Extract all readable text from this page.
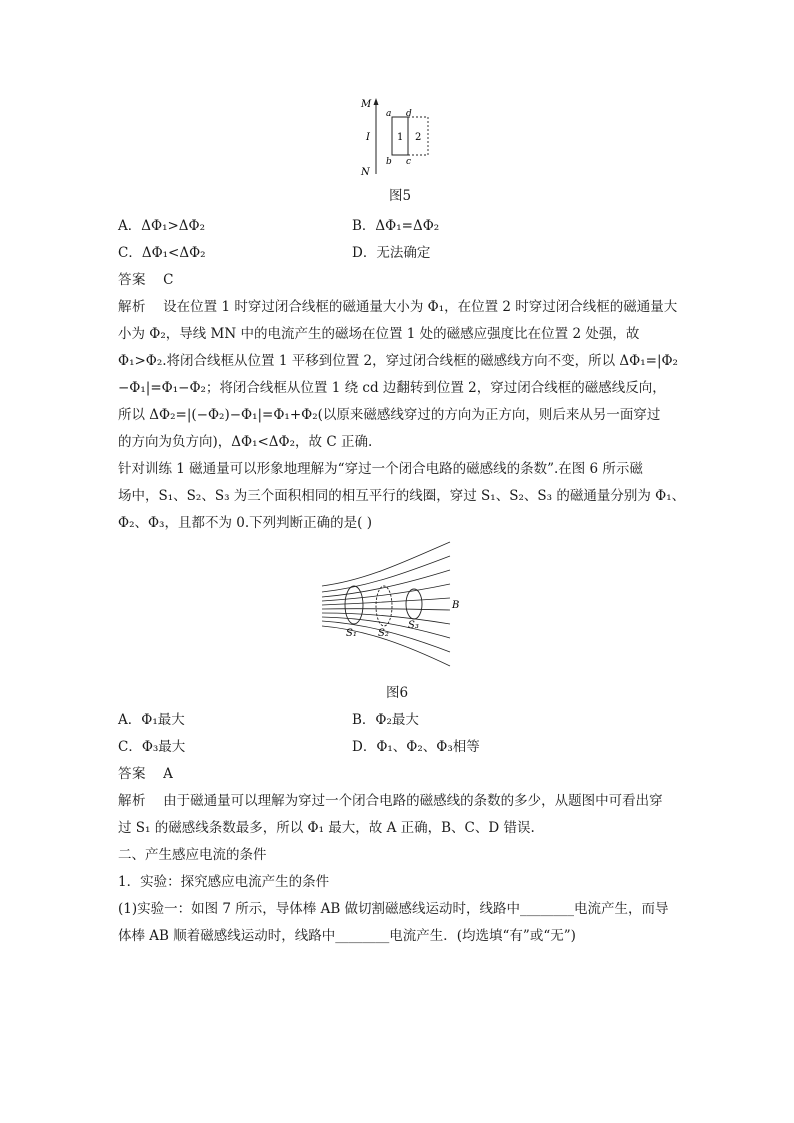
M
I
N
a d
b c
1 2
图5
A．ΔΦ₁>ΔΦ₂	B．ΔΦ₁=ΔΦ₂
C．ΔΦ₁<ΔΦ₂	D．无法确定
答案 C
解析 设在位置 1 时穿过闭合线框的磁通量大小为 Φ₁，在位置 2 时穿过闭合线框的磁通量大
小为 Φ₂，导线 MN 中的电流产生的磁场在位置 1 处的磁感应强度比在位置 2 处强，故
Φ₁>Φ₂.将闭合线框从位置 1 平移到位置 2，穿过闭合线框的磁感线方向不变，所以 ΔΦ₁=|Φ₂
−Φ₁|=Φ₁−Φ₂；将闭合线框从位置 1 绕 cd 边翻转到位置 2，穿过闭合线框的磁感线反向，
所以 ΔΦ₂=|(−Φ₂)−Φ₁|=Φ₁+Φ₂(以原来磁感线穿过的方向为正方向，则后来从另一面穿过
的方向为负方向)，ΔΦ₁<ΔΦ₂，故 C 正确.
针对训练 1 磁通量可以形象地理解为“穿过一个闭合电路的磁感线的条数”.在图 6 所示磁
场中，S₁、S₂、S₃ 为三个面积相同的相互平行的线圈，穿过 S₁、S₂、S₃ 的磁通量分别为 Φ₁、
Φ₂、Φ₃，且都不为 0.下列判断正确的是( )
B
S₁ S₂
S₃
图6
A．Φ₁最大	B．Φ₂最大
C．Φ₃最大	D．Φ₁、Φ₂、Φ₃相等
答案 A
解析 由于磁通量可以理解为穿过一个闭合电路的磁感线的条数的多少，从题图中可看出穿
过 S₁ 的磁感线条数最多，所以 Φ₁ 最大，故 A 正确，B、C、D 错误.
二、产生感应电流的条件
1．实验：探究感应电流产生的条件
(1)实验一：如图 7 所示，导体棒 AB 做切割磁感线运动时，线路中________电流产生，而导
体棒 AB 顺着磁感线运动时，线路中________电流产生．(均选填“有”或“无”)
